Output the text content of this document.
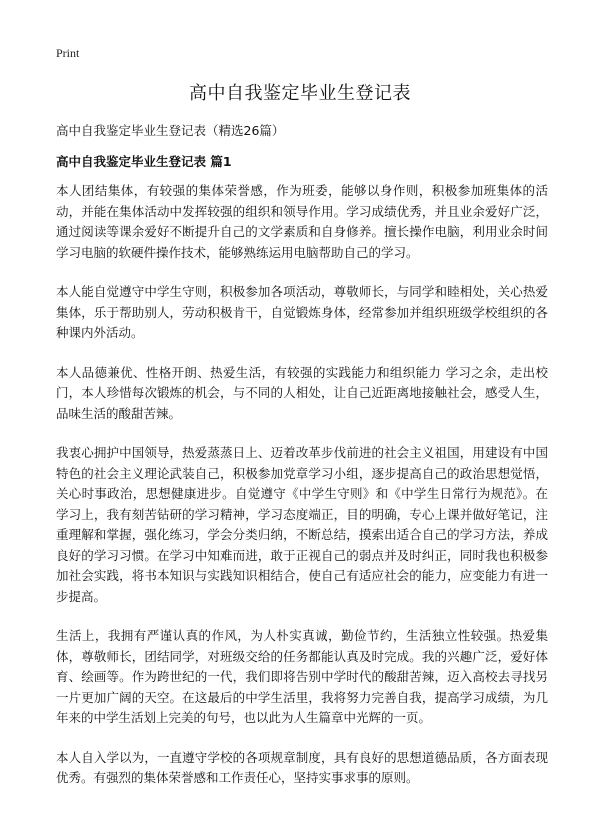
Print
高中自我鉴定毕业生登记表

高中自我鉴定毕业生登记表（精选26篇）

高中自我鉴定毕业生登记表 篇1

本人团结集体，有较强的集体荣誉感，作为班委，能够以身作则，积极参加班集体的活动，并能在集体活动中发挥较强的组织和领导作用。学习成绩优秀，并且业余爱好广泛，通过阅读等课余爱好不断提升自己的文学素质和自身修养。擅长操作电脑，利用业余时间学习电脑的软硬件操作技术，能够熟练运用电脑帮助自己的学习。

本人能自觉遵守中学生守则，积极参加各项活动，尊敬师长，与同学和睦相处，关心热爱集体，乐于帮助别人，劳动积极肯干，自觉锻炼身体，经常参加并组织班级学校组织的各种课内外活动。

本人品德兼优、性格开朗、热爱生活，有较强的实践能力和组织能力 学习之余，走出校门，本人珍惜每次锻炼的机会，与不同的人相处，让自己近距离地接触社会，感受人生，品味生活的酸甜苦辣。

我衷心拥护中国领导，热爱蒸蒸日上、迈着改革步伐前进的社会主义祖国，用建设有中国特色的社会主义理论武装自己，积极参加党章学习小组，逐步提高自己的政治思想觉悟，关心时事政治，思想健康进步。自觉遵守《中学生守则》和《中学生日常行为规范》。在学习上，我有刻苦钻研的学习精神，学习态度端正，目的明确，专心上课并做好笔记，注重理解和掌握，强化练习，学会分类归纳，不断总结，摸索出适合自己的学习方法，养成良好的学习习惯。在学习中知难而进，敢于正视自己的弱点并及时纠正，同时我也积极参加社会实践，将书本知识与实践知识相结合，使自己有适应社会的能力，应变能力有进一步提高。

生活上，我拥有严谨认真的作风，为人朴实真诚，勤俭节约，生活独立性较强。热爱集体，尊敬师长，团结同学，对班级交给的任务都能认真及时完成。我的兴趣广泛，爱好体育、绘画等。作为跨世纪的一代，我们即将告别中学时代的酸甜苦辣，迈入高校去寻找另一片更加广阔的天空。在这最后的中学生活里，我将努力完善自我，提高学习成绩，为几年来的中学生活划上完美的句号，也以此为人生篇章中光辉的一页。

本人自入学以为，一直遵守学校的各项规章制度，具有良好的思想道德品质，各方面表现优秀。有强烈的集体荣誉感和工作责任心，坚持实事求事的原则。
